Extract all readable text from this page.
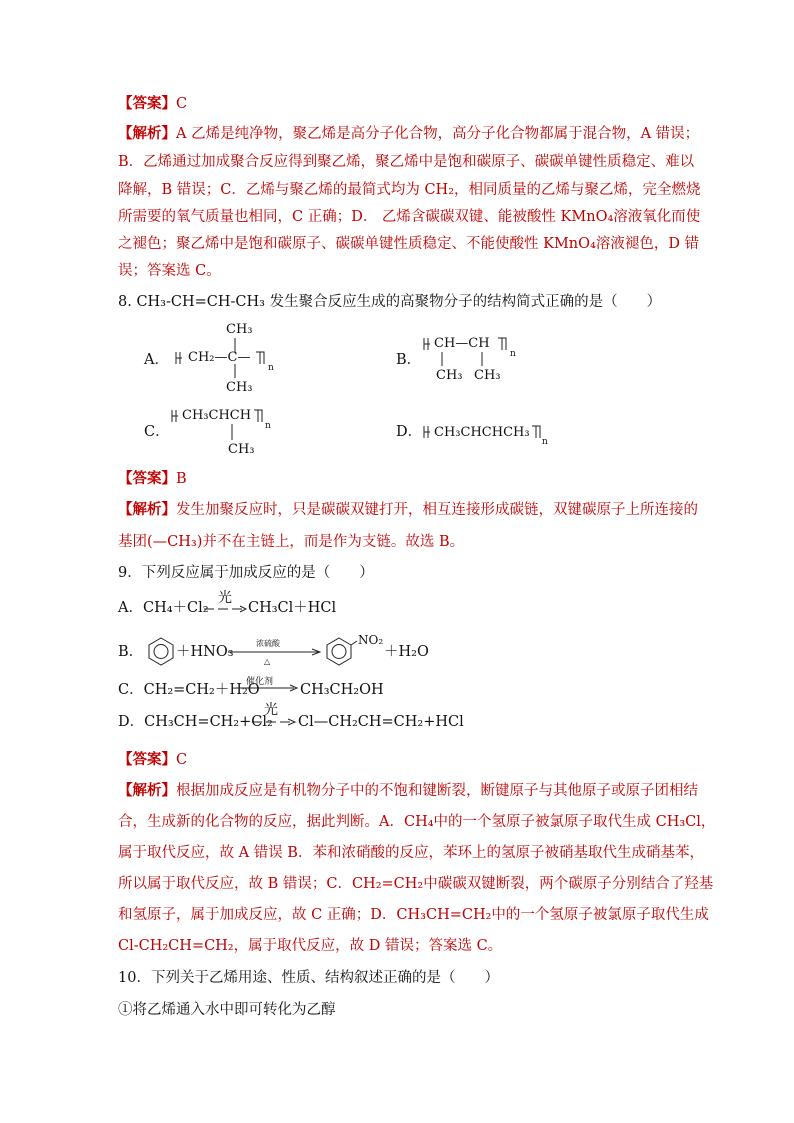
【答案】C
【解析】A 乙烯是纯净物，聚乙烯是高分子化合物，高分子化合物都属于混合物，A 错误；
B．乙烯通过加成聚合反应得到聚乙烯，聚乙烯中是饱和碳原子、碳碳单键性质稳定、难以
降解，B 错误；C．乙烯与聚乙烯的最简式均为 CH₂，相同质量的乙烯与聚乙烯，完全燃烧
所需要的氧气质量也相同，C 正确；D． 乙烯含碳碳双键、能被酸性 KMnO₄溶液氧化而使
之褪色；聚乙烯中是饱和碳原子、碳碳单键性质稳定、不能使酸性 KMnO₄溶液褪色，D 错
误；答案选 C。
8. CH₃-CH=CH-CH₃ 发生聚合反应生成的高聚物分子的结构简式正确的是（　　）
A． CH₂—C—
CH₃
CH₃
n	B．
CH—CH
CH₃ CH₃
n
C．
CH₃CHCH
CH₃
n	D． CH₃CHCHCH₃
n
【答案】B
【解析】发生加聚反应时，只是碳碳双键打开，相互连接形成碳链，双键碳原子上所连接的
基团(—CH₃)并不在主链上，而是作为支链。故选 B。
9．下列反应属于加成反应的是（　　）
A．CH₄＋Cl₂
光
CH₃Cl＋HCl
B． ＋HNO₃
浓硫酸
△
NO₂
＋H₂O
C．CH₂=CH₂＋H₂O
催化剂 CH₃CH₂OH
D．CH₃CH=CH₂+Cl₂
光
Cl—CH₂CH=CH₂+HCl
【答案】C
【解析】根据加成反应是有机物分子中的不饱和键断裂，断键原子与其他原子或原子团相结
合，生成新的化合物的反应，据此判断。A．CH₄中的一个氢原子被氯原子取代生成 CH₃Cl，
属于取代反应，故 A 错误 B．苯和浓硝酸的反应，苯环上的氢原子被硝基取代生成硝基苯，
所以属于取代反应，故 B 错误；C．CH₂=CH₂中碳碳双键断裂，两个碳原子分别结合了羟基
和氢原子，属于加成反应，故 C 正确；D．CH₃CH=CH₂中的一个氢原子被氯原子取代生成
Cl-CH₂CH=CH₂，属于取代反应，故 D 错误；答案选 C。
10．下列关于乙烯用途、性质、结构叙述正确的是（　　）
①将乙烯通入水中即可转化为乙醇
